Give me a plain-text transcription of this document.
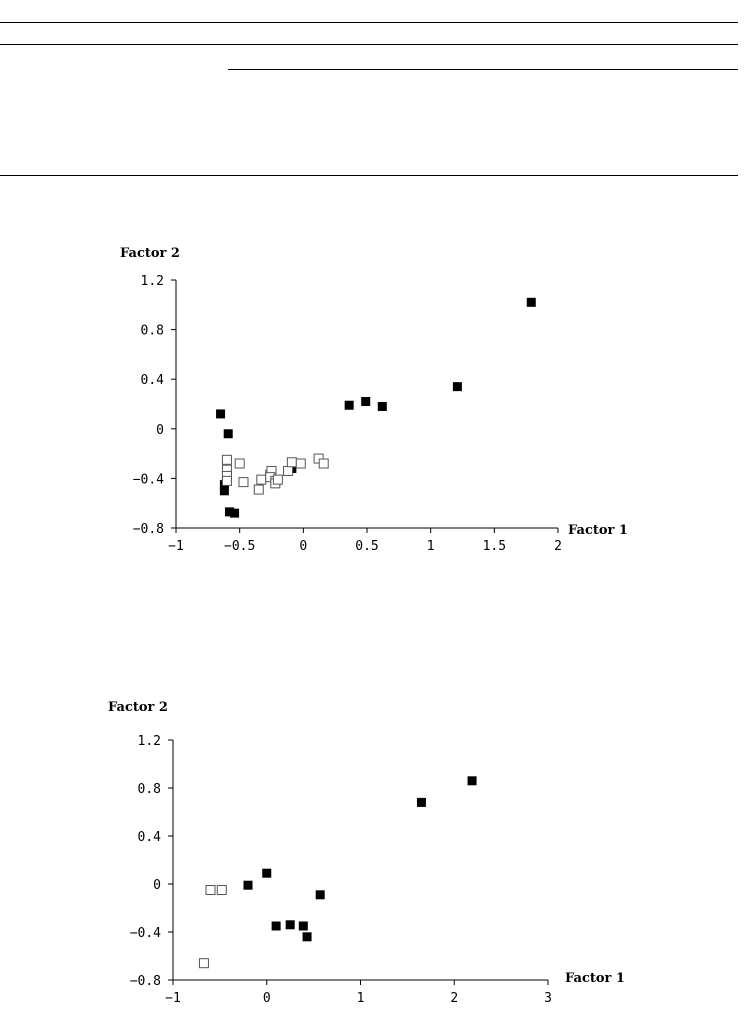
Factor 2
Factor 1
1.2
0.8
0.4
0
−0.4
−0.8
−1	−0.5	0	0.5	1	1.5	2
Factor 2
Factor 1
1.2
0.8
0.4
0
−0.4
−0.8
−1	0	1	2	3
